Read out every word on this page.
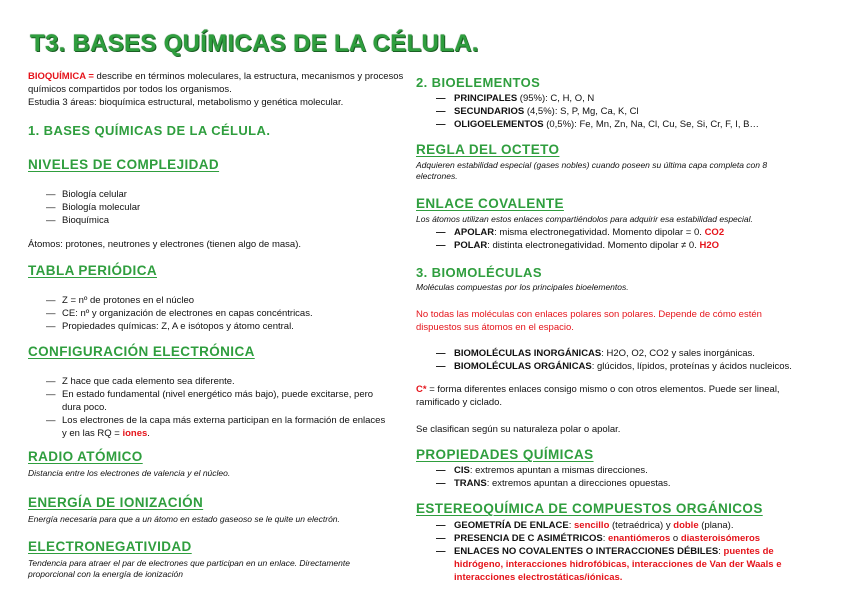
T3. BASES QUÍMICAS DE LA CÉLULA.

BIOQUÍMICA = describe en términos moleculares, la estructura, mecanismos y procesos químicos compartidos por todos los organismos.

Estudia 3 áreas: bioquímica estructural, metabolismo y genética molecular.

1. BASES QUÍMICAS DE LA CÉLULA.

NIVELES DE COMPLEJIDAD

— Biología celular
— Biología molecular
— Bioquímica

Átomos: protones, neutrones y electrones (tienen algo de masa).

TABLA PERIÓDICA

— Z = nº de protones en el núcleo
— CE: nº y organización de electrones en capas concéntricas.
— Propiedades químicas: Z, A e isótopos y átomo central.

CONFIGURACIÓN ELECTRÓNICA

— Z hace que cada elemento sea diferente.
— En estado fundamental (nivel energético más bajo), puede excitarse, pero dura poco.
— Los electrones de la capa más externa participan en la formación de enlaces y en las RQ = iones.

RADIO ATÓMICO

Distancia entre los electrones de valencia y el núcleo.

ENERGÍA DE IONIZACIÓN

Energía necesaria para que a un átomo en estado gaseoso se le quite un electrón.

ELECTRONEGATIVIDAD

Tendencia para atraer el par de electrones que participan en un enlace. Directamente proporcional con la energía de ionización

2. BIOELEMENTOS

— PRINCIPALES (95%): C, H, O, N
— SECUNDARIOS (4,5%): S, P, Mg, Ca, K, Cl
— OLIGOELEMENTOS (0,5%): Fe, Mn, Zn, Na, Cl, Cu, Se, Si, Cr, F, I, B…

REGLA DEL OCTETO

Adquieren estabilidad especial (gases nobles) cuando poseen su última capa completa con 8 electrones.

ENLACE COVALENTE

Los átomos utilizan estos enlaces compartiéndolos para adquirir esa estabilidad especial.

— APOLAR: misma electronegatividad. Momento dipolar = 0. CO2
— POLAR: distinta electronegatividad. Momento dipolar ≠ 0. H2O

3. BIOMOLÉCULAS

Moléculas compuestas por los principales bioelementos.

No todas las moléculas con enlaces polares son polares. Depende de cómo estén dispuestos sus átomos en el espacio.

— BIOMOLÉCULAS INORGÁNICAS: H2O, O2, CO2 y sales inorgánicas.
— BIOMOLÉCULAS ORGÁNICAS: glúcidos, lípidos, proteínas y ácidos nucleicos.

C* = forma diferentes enlaces consigo mismo o con otros elementos. Puede ser lineal, ramificado y ciclado.

Se clasifican según su naturaleza polar o apolar.

PROPIEDADES QUÍMICAS

— CIS: extremos apuntan a mismas direcciones.
— TRANS: extremos apuntan a direcciones opuestas.

ESTEREOQUÍMICA DE COMPUESTOS ORGÁNICOS

— GEOMETRÍA DE ENLACE: sencillo (tetraédrica) y doble (plana).
— PRESENCIA DE C ASIMÉTRICOS: enantiómeros o diasteroisómeros
— ENLACES NO COVALENTES O INTERACCIONES DÉBILES: puentes de hidrógeno, interacciones hidrofóbicas, interacciones de Van der Waals e interacciones electrostáticas/iónicas.
